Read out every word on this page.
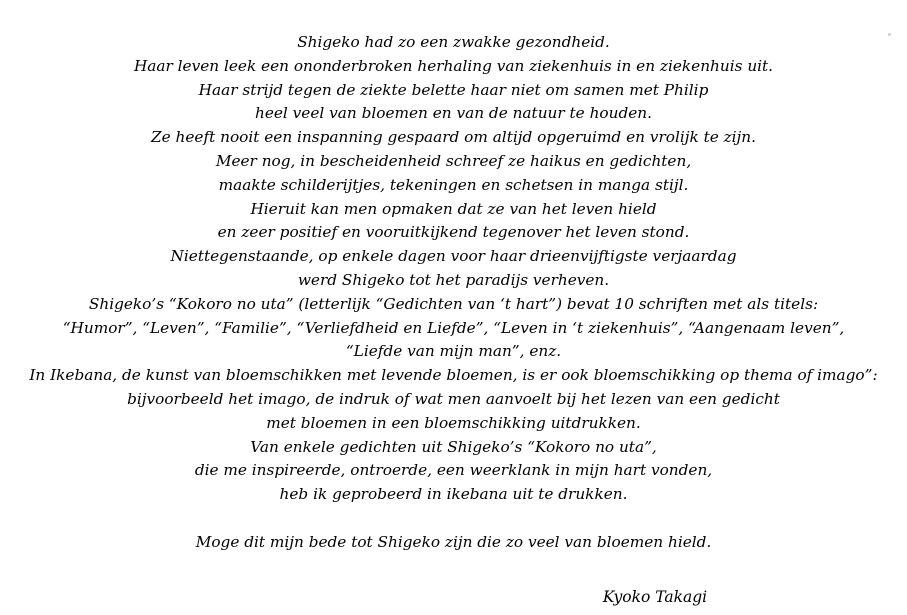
Shigeko had zo een zwakke gezondheid.
Haar leven leek een ononderbroken herhaling van ziekenhuis in en ziekenhuis uit.
Haar strijd tegen de ziekte belette haar niet om samen met Philip
heel veel van bloemen en van de natuur te houden.
Ze heeft nooit een inspanning gespaard om altijd opgeruimd en vrolijk te zijn.
Meer nog, in bescheidenheid schreef ze haikus en gedichten,
maakte schilderijtjes, tekeningen en schetsen in manga stijl.
Hieruit kan men opmaken dat ze van het leven hield
en zeer positief en vooruitkijkend tegenover het leven stond.
Niettegenstaande, op enkele dagen voor haar drieenvijftigste verjaardag
werd Shigeko tot het paradijs verheven.
Shigeko’s “Kokoro no uta” (letterlijk “Gedichten van ‘t hart”) bevat 10 schriften met als titels:
“Humor”, “Leven”, “Familie”, “Verliefdheid en Liefde”, “Leven in ‘t ziekenhuis”, “Aangenaam leven”,
“Liefde van mijn man”, enz.
In Ikebana, de kunst van bloemschikken met levende bloemen, is er ook bloemschikking op thema of imago”:
bijvoorbeeld het imago, de indruk of wat men aanvoelt bij het lezen van een gedicht
met bloemen in een bloemschikking uitdrukken.
Van enkele gedichten uit Shigeko’s “Kokoro no uta”,
die me inspireerde, ontroerde, een weerklank in mijn hart vonden,
heb ik geprobeerd in ikebana uit te drukken.
Moge dit mijn bede tot Shigeko zijn die zo veel van bloemen hield.
Kyoko Takagi
